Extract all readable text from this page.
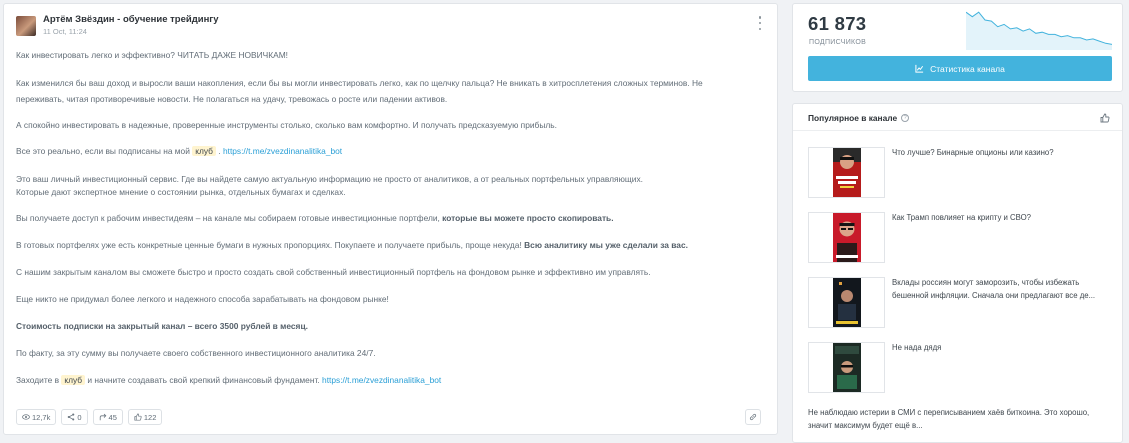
Артём Звёздин - обучение трейдингу
11 Oct, 11:24

Как инвестировать легко и эффективно? ЧИТАТЬ ДАЖЕ НОВИЧКАМ!

Как изменился бы ваш доход и выросли ваши накопления, если бы вы могли инвестировать легко, как по щелчку пальца? Не вникать в хитросплетения сложных терминов. Не

переживать, читая противоречивые новости. Не полагаться на удачу, тревожась о росте или падении активов.

А спокойно инвестировать в надежные, проверенные инструменты столько, сколько вам комфортно. И получать предсказуемую прибыль.

Все это реально, если вы подписаны на мой клуб . https://t.me/zvezdinanalitika_bot

Это ваш личный инвестиционный сервис. Где вы найдете самую актуальную информацию не просто от аналитиков, а от реальных портфельных управляющих.

Которые дают экспертное мнение о состоянии рынка, отдельных бумагах и сделках.

Вы получаете доступ к рабочим инвестидеям – на канале мы собираем готовые инвестиционные портфели, которые вы можете просто скопировать.

В готовых портфелях уже есть конкретные ценные бумаги в нужных пропорциях. Покупаете и получаете прибыль, проще некуда! Всю аналитику мы уже сделали за вас.

С нашим закрытым каналом вы сможете быстро и просто создать свой собственный инвестиционный портфель на фондовом рынке и эффективно им управлять.

Еще никто не придумал более легкого и надежного способа зарабатывать на фондовом рынке!

Стоимость подписки на закрытый канал – всего 3500 рублей в месяц.

По факту, за эту сумму вы получаете своего собственного инвестиционного аналитика 24/7.

Заходите в клуб и начните создавать свой крепкий финансовый фундамент. https://t.me/zvezdinanalitika_bot

12,7k	0	45	122
61 873
ПОДПИСЧИКОВ
Статистика канала
Популярное в канале	?
Что лучше? Бинарные опционы или казино?
Как Трамп повлияет на крипту и СВО?
Вклады россиян могут заморозить, чтобы избежать бешенной инфляции. Сначала они предлагают все де...
Не нада дядя
Не наблюдаю истерии в СМИ с переписыванием хаёв биткоина. Это хорошо, значит максимум будет ещё в...
